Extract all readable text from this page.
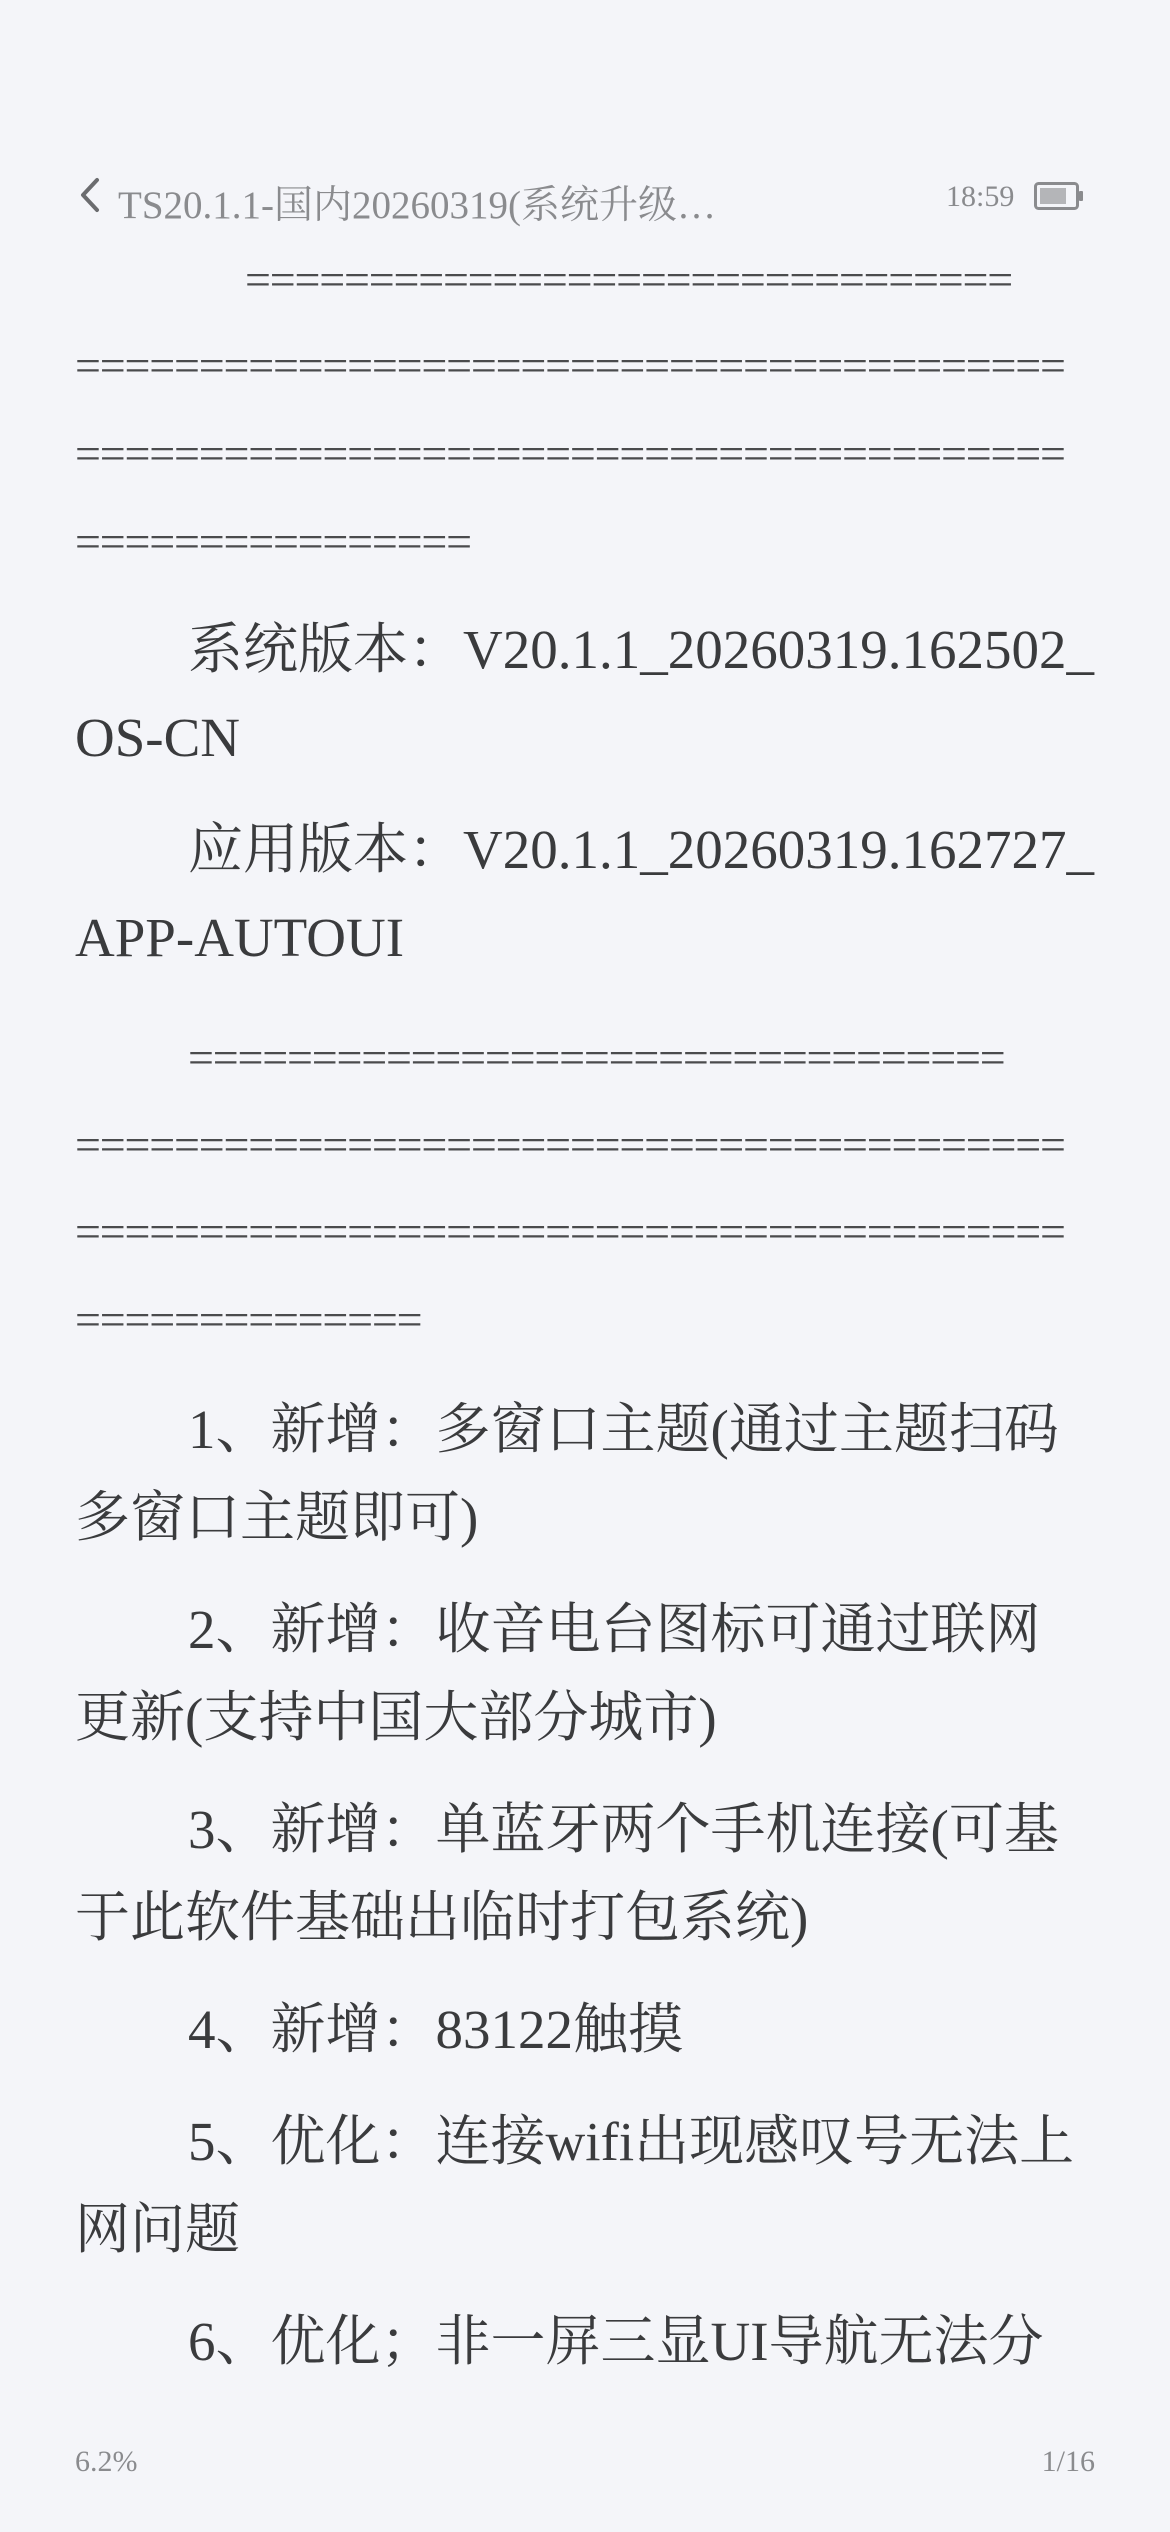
TS20.1.1-国内20260319(系统升级…	18:59
===============================
========================================
========================================
================
系统版本：V20.1.1_20260319.162502_
OS-CN
应用版本：V20.1.1_20260319.162727_
APP-AUTOUI
=================================
========================================
========================================
==============
1、新增：多窗口主题(通过主题扫码
多窗口主题即可)
2、新增：收音电台图标可通过联网
更新(支持中国大部分城市)
3、新增：单蓝牙两个手机连接(可基
于此软件基础出临时打包系统)
4、新增：83122触摸
5、优化：连接wifi出现感叹号无法上
网问题
6、优化；非一屏三显UI导航无法分
6.2%	1/16
